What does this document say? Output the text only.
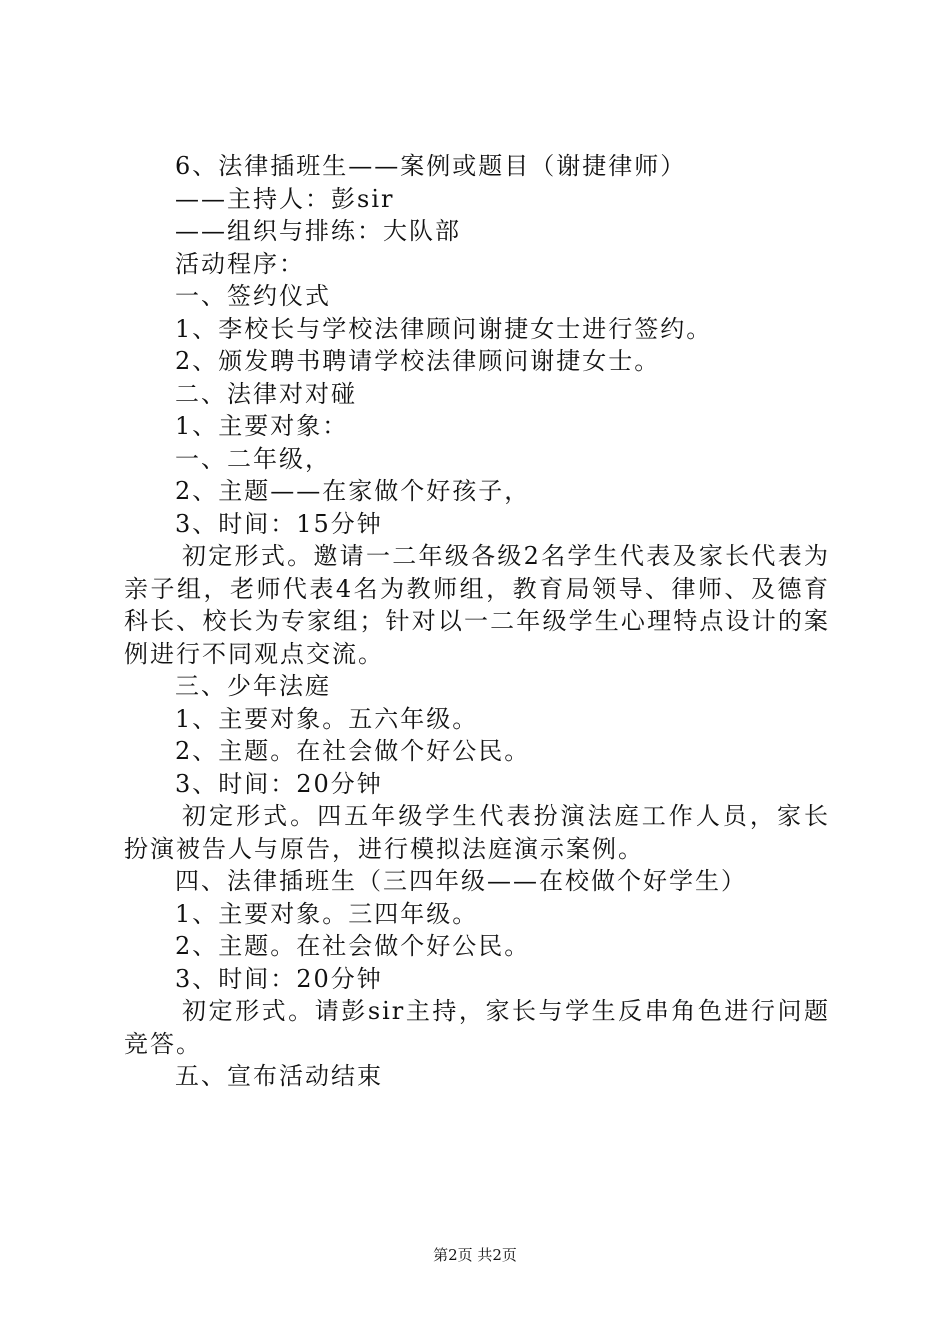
6、法律插班生——案例或题目（谢捷律师）

——主持人：彭sir

——组织与排练：大队部

活动程序：

一、签约仪式

1、李校长与学校法律顾问谢捷女士进行签约。

2、颁发聘书聘请学校法律顾问谢捷女士。

二、法律对对碰

1、主要对象：

一、二年级，

2、主题——在家做个好孩子，

3、时间：15分钟

初定形式。邀请一二年级各级2名学生代表及家长代表为亲子组，老师代表4名为教师组，教育局领导、律师、及德育科长、校长为专家组；针对以一二年级学生心理特点设计的案例进行不同观点交流。

三、少年法庭

1、主要对象。五六年级。

2、主题。在社会做个好公民。

3、时间：20分钟

初定形式。四五年级学生代表扮演法庭工作人员，家长扮演被告人与原告，进行模拟法庭演示案例。

四、法律插班生（三四年级——在校做个好学生）

1、主要对象。三四年级。

2、主题。在社会做个好公民。

3、时间：20分钟

初定形式。请彭sir主持，家长与学生反串角色进行问题竞答。

五、宣布活动结束

第2页 共2页
